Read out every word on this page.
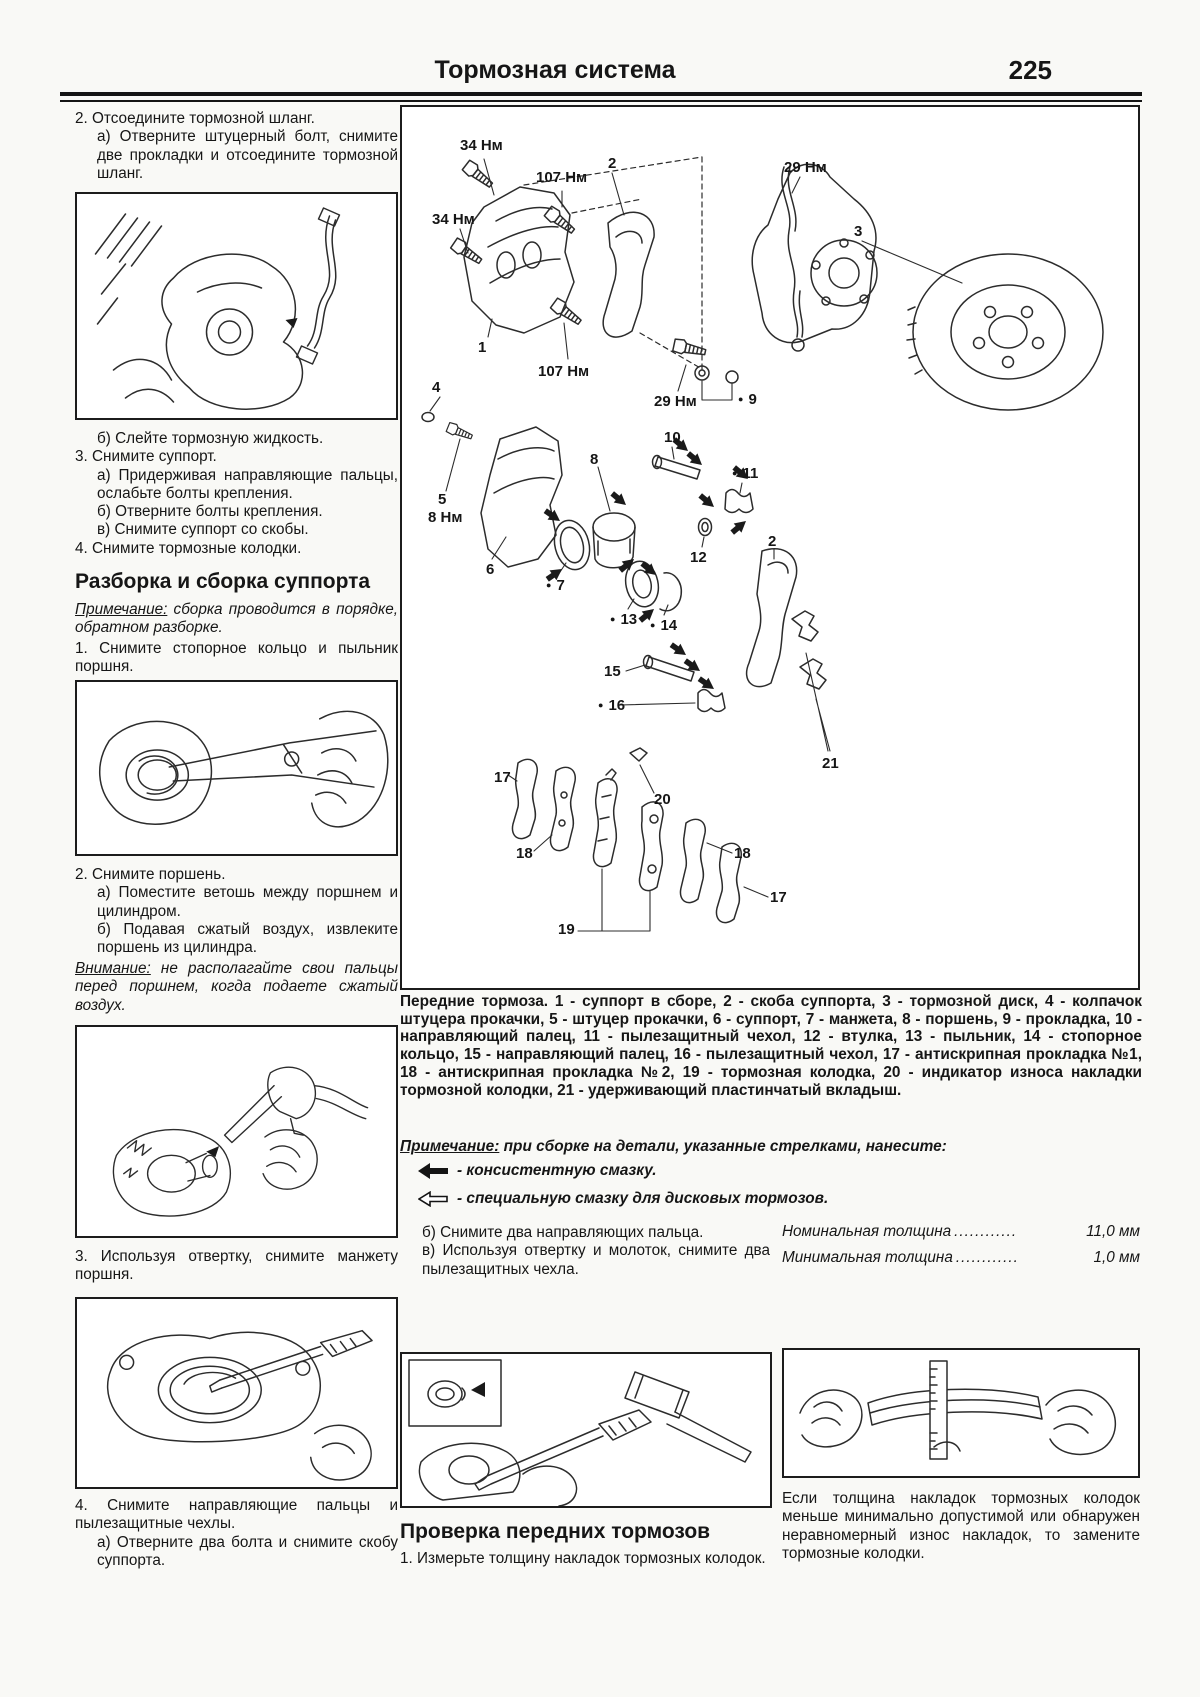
Тормозная система	225

2. Отсоедините тормозной шланг.

а) Отверните штуцерный болт, снимите две прокладки и отсоедините тормозной шланг.

б) Слейте тормозную жидкость.

3. Снимите суппорт.

а) Придерживая направляющие пальцы, ослабьте болты крепления.

б) Отверните болты крепления.

в) Снимите суппорт со скобы.

4. Снимите тормозные колодки.

Разборка и сборка суппорта

Примечание: сборка проводится в порядке, обратном разборке.

1. Снимите стопорное кольцо и пыльник поршня.

2. Снимите поршень.

а) Поместите ветошь между поршнем и цилиндром.

б) Подавая сжатый воздух, извлеките поршень из цилиндра.

Внимание: не располагайте свои пальцы перед поршнем, когда подаете сжатый воздух.

3. Используя отвертку, снимите манжету поршня.

4. Снимите направляющие пальцы и пылезащитные чехлы.

а) Отверните два болта и снимите скобу суппорта.

34 Нм
107 Нм
2	29 Нм
3
34 Нм
1
107 Нм
4
29 Нм	● 9
5
8 Нм
8
10
● 11
6
● 7
12
2
● 13	● 14
15
● 16
21
17
20
18	18
17
19
Передние тормоза. 1 - суппорт в сборе, 2 - скоба суппорта, 3 - тормозной диск, 4 - колпачок штуцера прокачки, 5 - штуцер прокачки, 6 - суппорт, 7 - манжета, 8 - поршень, 9 - прокладка, 10 - направляющий палец, 11 - пылезащитный чехол, 12 - втулка, 13 - пыльник, 14 - стопорное кольцо, 15 - направляющий палец, 16 - пылезащитный чехол, 17 - антискрипная прокладка №1, 18 - антискрипная прокладка №2, 19 - тормозная колодка, 20 - индикатор износа накладки тормозной колодки, 21 - удерживающий пластинчатый вкладыш.
Примечание: при сборке на детали, указанные стрелками, нанесите:
- консистентную смазку.
- специальную смазку для дисковых тормозов.

б) Снимите два направляющих пальца.

в) Используя отвертку и молоток, снимите два пылезащитных чехла.

Проверка передних тормозов

1. Измерьте толщину накладок тормозных колодок.

Номинальная толщина ............	11,0 мм
Минимальная толщина ............	1,0 мм

Если толщина накладок тормозных колодок меньше минимально допустимой или обнаружен неравномерный износ накладок, то замените тормозные колодки.
